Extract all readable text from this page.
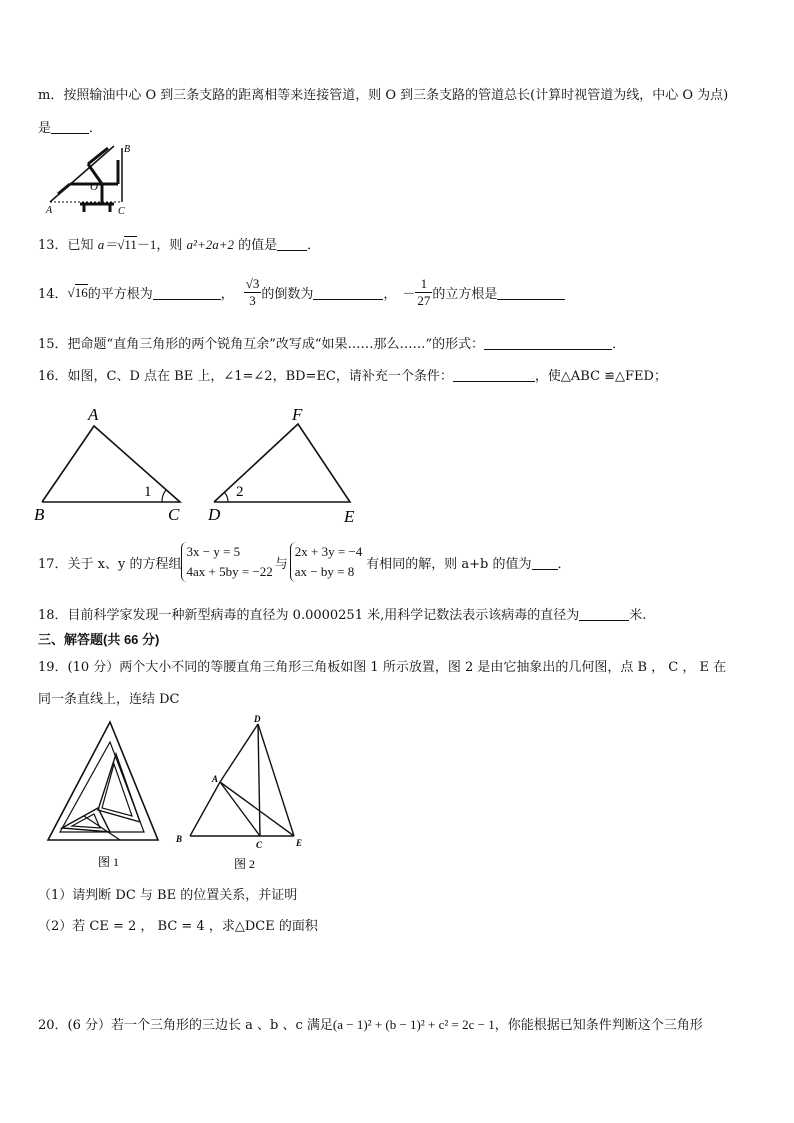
m．按照输油中心 O 到三条支路的距离相等来连接管道，则 O 到三条支路的管道总长(计算时视管道为线，中心 O 为点)
是	．
B
O
A	C
13．已知 a＝√11－1，则 a²+2a+2 的值是 ．
14． √ 16 的平方根为	， $\frac{√3}{3}$ 的倒数为	， － $\frac{1}{27}$ 的立方根是
15．把命题“直角三角形的两个锐角互余”改写成“如果……那么……”的形式：	．
16．如图，C、D 点在 BE 上，∠1=∠2，BD=EC，请补充一个条件：	，使△ABC ≌△FED；
A	F
B	C D	E
1	2
17．关于 x、y 的方程组
3x − y = 5
4ax + 5by = −22 与
2x + 3y = −4
ax − by = 8 有相同的解，则 a+b 的值为 ．
18．目前科学家发现一种新型病毒的直径为 0.0000251 米,用科学记数法表示该病毒的直径为	米.
三、解答题(共 66 分)
19．(10 分）两个大小不同的等腰直角三角形三角板如图 1 所示放置，图 2 是由它抽象出的几何图，点 B ， C ， E 在
同一条直线上，连结 DC
图 1
D
A
B
C	E
图 2
（1）请判断 DC 与 BE 的位置关系，并证明
（2）若 CE = 2 ， BC = 4 ，求△DCE 的面积
20．(6 分）若一个三角形的三边长 a 、b 、c 满足(a − 1)² + (b − 1)² + c² = 2c − 1，你能根据已知条件判断这个三角形
